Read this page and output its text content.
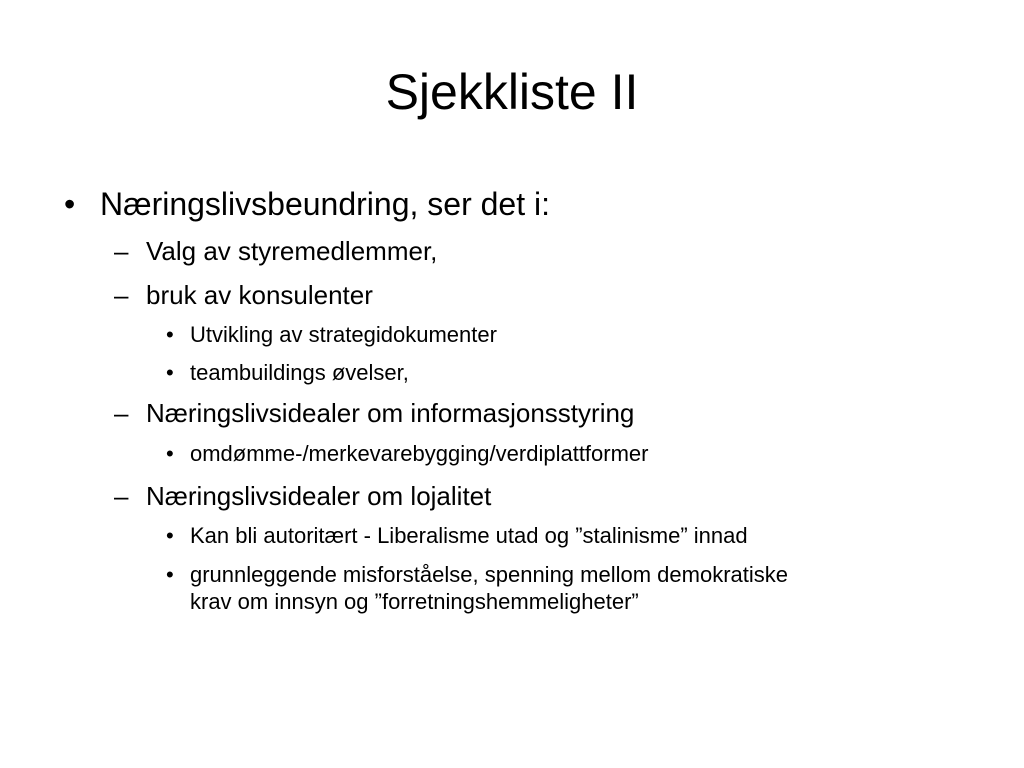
Sjekkliste II
• Næringslivsbeundring, ser det i:
– Valg av styremedlemmer,
– bruk av konsulenter
• Utvikling av strategidokumenter
• teambuildings øvelser,
– Næringslivsidealer om informasjonsstyring
• omdømme-/merkevarebygging/verdiplattformer
– Næringslivsidealer om lojalitet
• Kan bli autoritært - Liberalisme utad og ”stalinisme” innad
• grunnleggende misforståelse, spenning mellom demokratiske krav om innsyn og ”forretningshemmeligheter”
